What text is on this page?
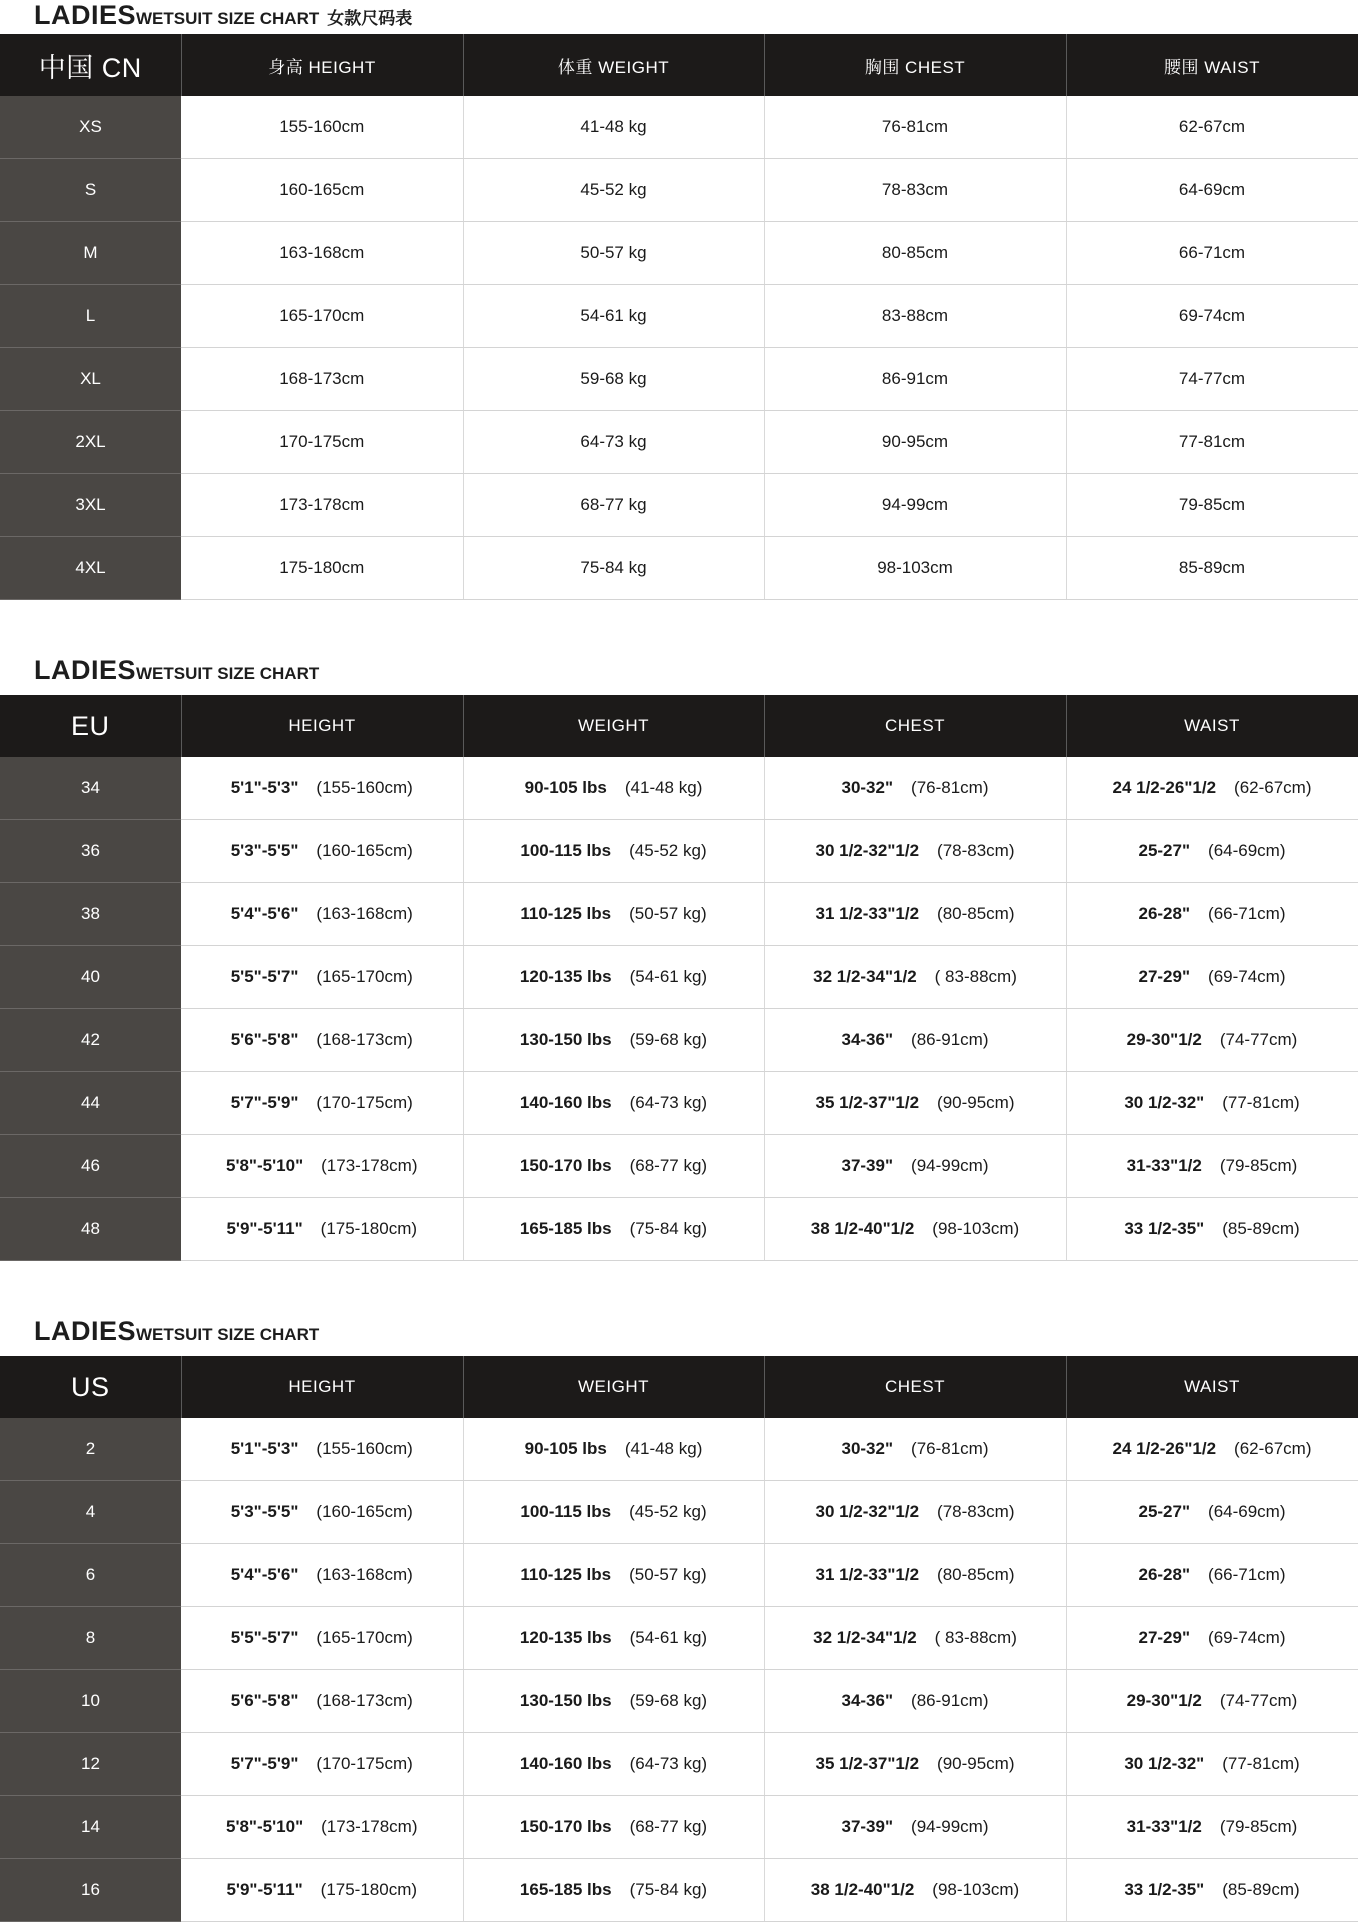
LADIESWETSUIT SIZE CHART 女款尺码表
中国 CN	身高 HEIGHT	体重 WEIGHT	胸围 CHEST	腰围 WAIST
XS	155-160cm	41-48 kg	76-81cm	62-67cm
S	160-165cm	45-52 kg	78-83cm	64-69cm
M	163-168cm	50-57 kg	80-85cm	66-71cm
L	165-170cm	54-61 kg	83-88cm	69-74cm
XL	168-173cm	59-68 kg	86-91cm	74-77cm
2XL	170-175cm	64-73 kg	90-95cm	77-81cm
3XL	173-178cm	68-77 kg	94-99cm	79-85cm
4XL	175-180cm	75-84 kg	98-103cm	85-89cm
LADIESWETSUIT SIZE CHART
EU	HEIGHT	WEIGHT	CHEST	WAIST
34	5'1"-5'3" (155-160cm)	90-105 lbs (41-48 kg)	30-32" (76-81cm)	24 1/2-26"1/2 (62-67cm)
36	5'3"-5'5" (160-165cm)	100-115 lbs (45-52 kg)	30 1/2-32"1/2 (78-83cm)	25-27" (64-69cm)
38	5'4"-5'6" (163-168cm)	110-125 lbs (50-57 kg)	31 1/2-33"1/2 (80-85cm)	26-28" (66-71cm)
40	5'5"-5'7" (165-170cm)	120-135 lbs (54-61 kg)	32 1/2-34"1/2 ( 83-88cm)	27-29" (69-74cm)
42	5'6"-5'8" (168-173cm)	130-150 lbs (59-68 kg)	34-36" (86-91cm)	29-30"1/2 (74-77cm)
44	5'7"-5'9" (170-175cm)	140-160 lbs (64-73 kg)	35 1/2-37"1/2 (90-95cm)	30 1/2-32" (77-81cm)
46	5'8"-5'10" (173-178cm)	150-170 lbs (68-77 kg)	37-39" (94-99cm)	31-33"1/2 (79-85cm)
48	5'9"-5'11" (175-180cm)	165-185 lbs (75-84 kg)	38 1/2-40"1/2 (98-103cm)	33 1/2-35" (85-89cm)
LADIESWETSUIT SIZE CHART
US	HEIGHT	WEIGHT	CHEST	WAIST
2	5'1"-5'3" (155-160cm)	90-105 lbs (41-48 kg)	30-32" (76-81cm)	24 1/2-26"1/2 (62-67cm)
4	5'3"-5'5" (160-165cm)	100-115 lbs (45-52 kg)	30 1/2-32"1/2 (78-83cm)	25-27" (64-69cm)
6	5'4"-5'6" (163-168cm)	110-125 lbs (50-57 kg)	31 1/2-33"1/2 (80-85cm)	26-28" (66-71cm)
8	5'5"-5'7" (165-170cm)	120-135 lbs (54-61 kg)	32 1/2-34"1/2 ( 83-88cm)	27-29" (69-74cm)
10	5'6"-5'8" (168-173cm)	130-150 lbs (59-68 kg)	34-36" (86-91cm)	29-30"1/2 (74-77cm)
12	5'7"-5'9" (170-175cm)	140-160 lbs (64-73 kg)	35 1/2-37"1/2 (90-95cm)	30 1/2-32" (77-81cm)
14	5'8"-5'10" (173-178cm)	150-170 lbs (68-77 kg)	37-39" (94-99cm)	31-33"1/2 (79-85cm)
16	5'9"-5'11" (175-180cm)	165-185 lbs (75-84 kg)	38 1/2-40"1/2 (98-103cm)	33 1/2-35" (85-89cm)
